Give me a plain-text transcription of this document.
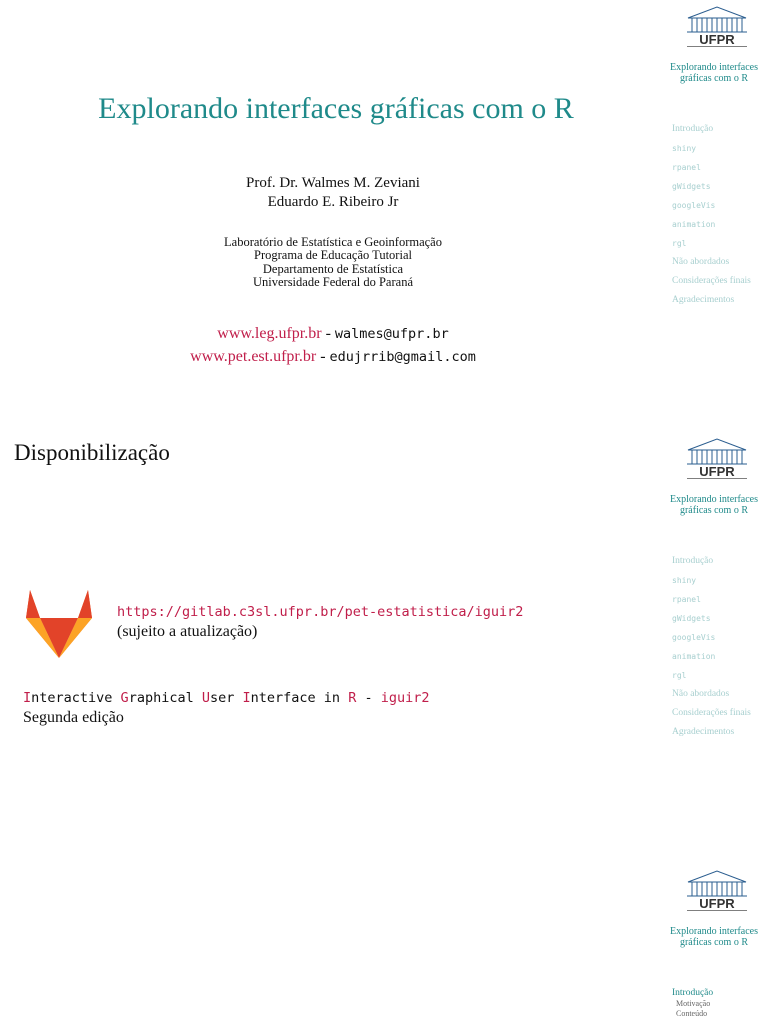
Explorando interfaces gráficas com o R
Prof. Dr. Walmes M. Zeviani
Eduardo E. Ribeiro Jr
Laboratório de Estatística e Geoinformação
Programa de Educação Tutorial
Departamento de Estatística
Universidade Federal do Paraná
www.leg.ufpr.br - walmes@ufpr.br
www.pet.est.ufpr.br - edujrrib@gmail.com
UFPR
Explorando interfaces gráficas com o R
Introdução
shiny
rpanel
gWidgets
googleVis
animation
rgl
Não abordados
Considerações finais
Agradecimentos
UFPR
Explorando interfaces gráficas com o R
Introdução
shiny
rpanel
gWidgets
googleVis
animation
rgl
Não abordados
Considerações finais
Agradecimentos
Disponibilização
https://gitlab.c3sl.ufpr.br/pet-estatistica/iguir2
(sujeito a atualização)
Interactive Graphical User Interface in R - iguir2
Segunda edição
UFPR
Explorando interfaces gráficas com o R
Introdução
Motivação
Conteúdo
